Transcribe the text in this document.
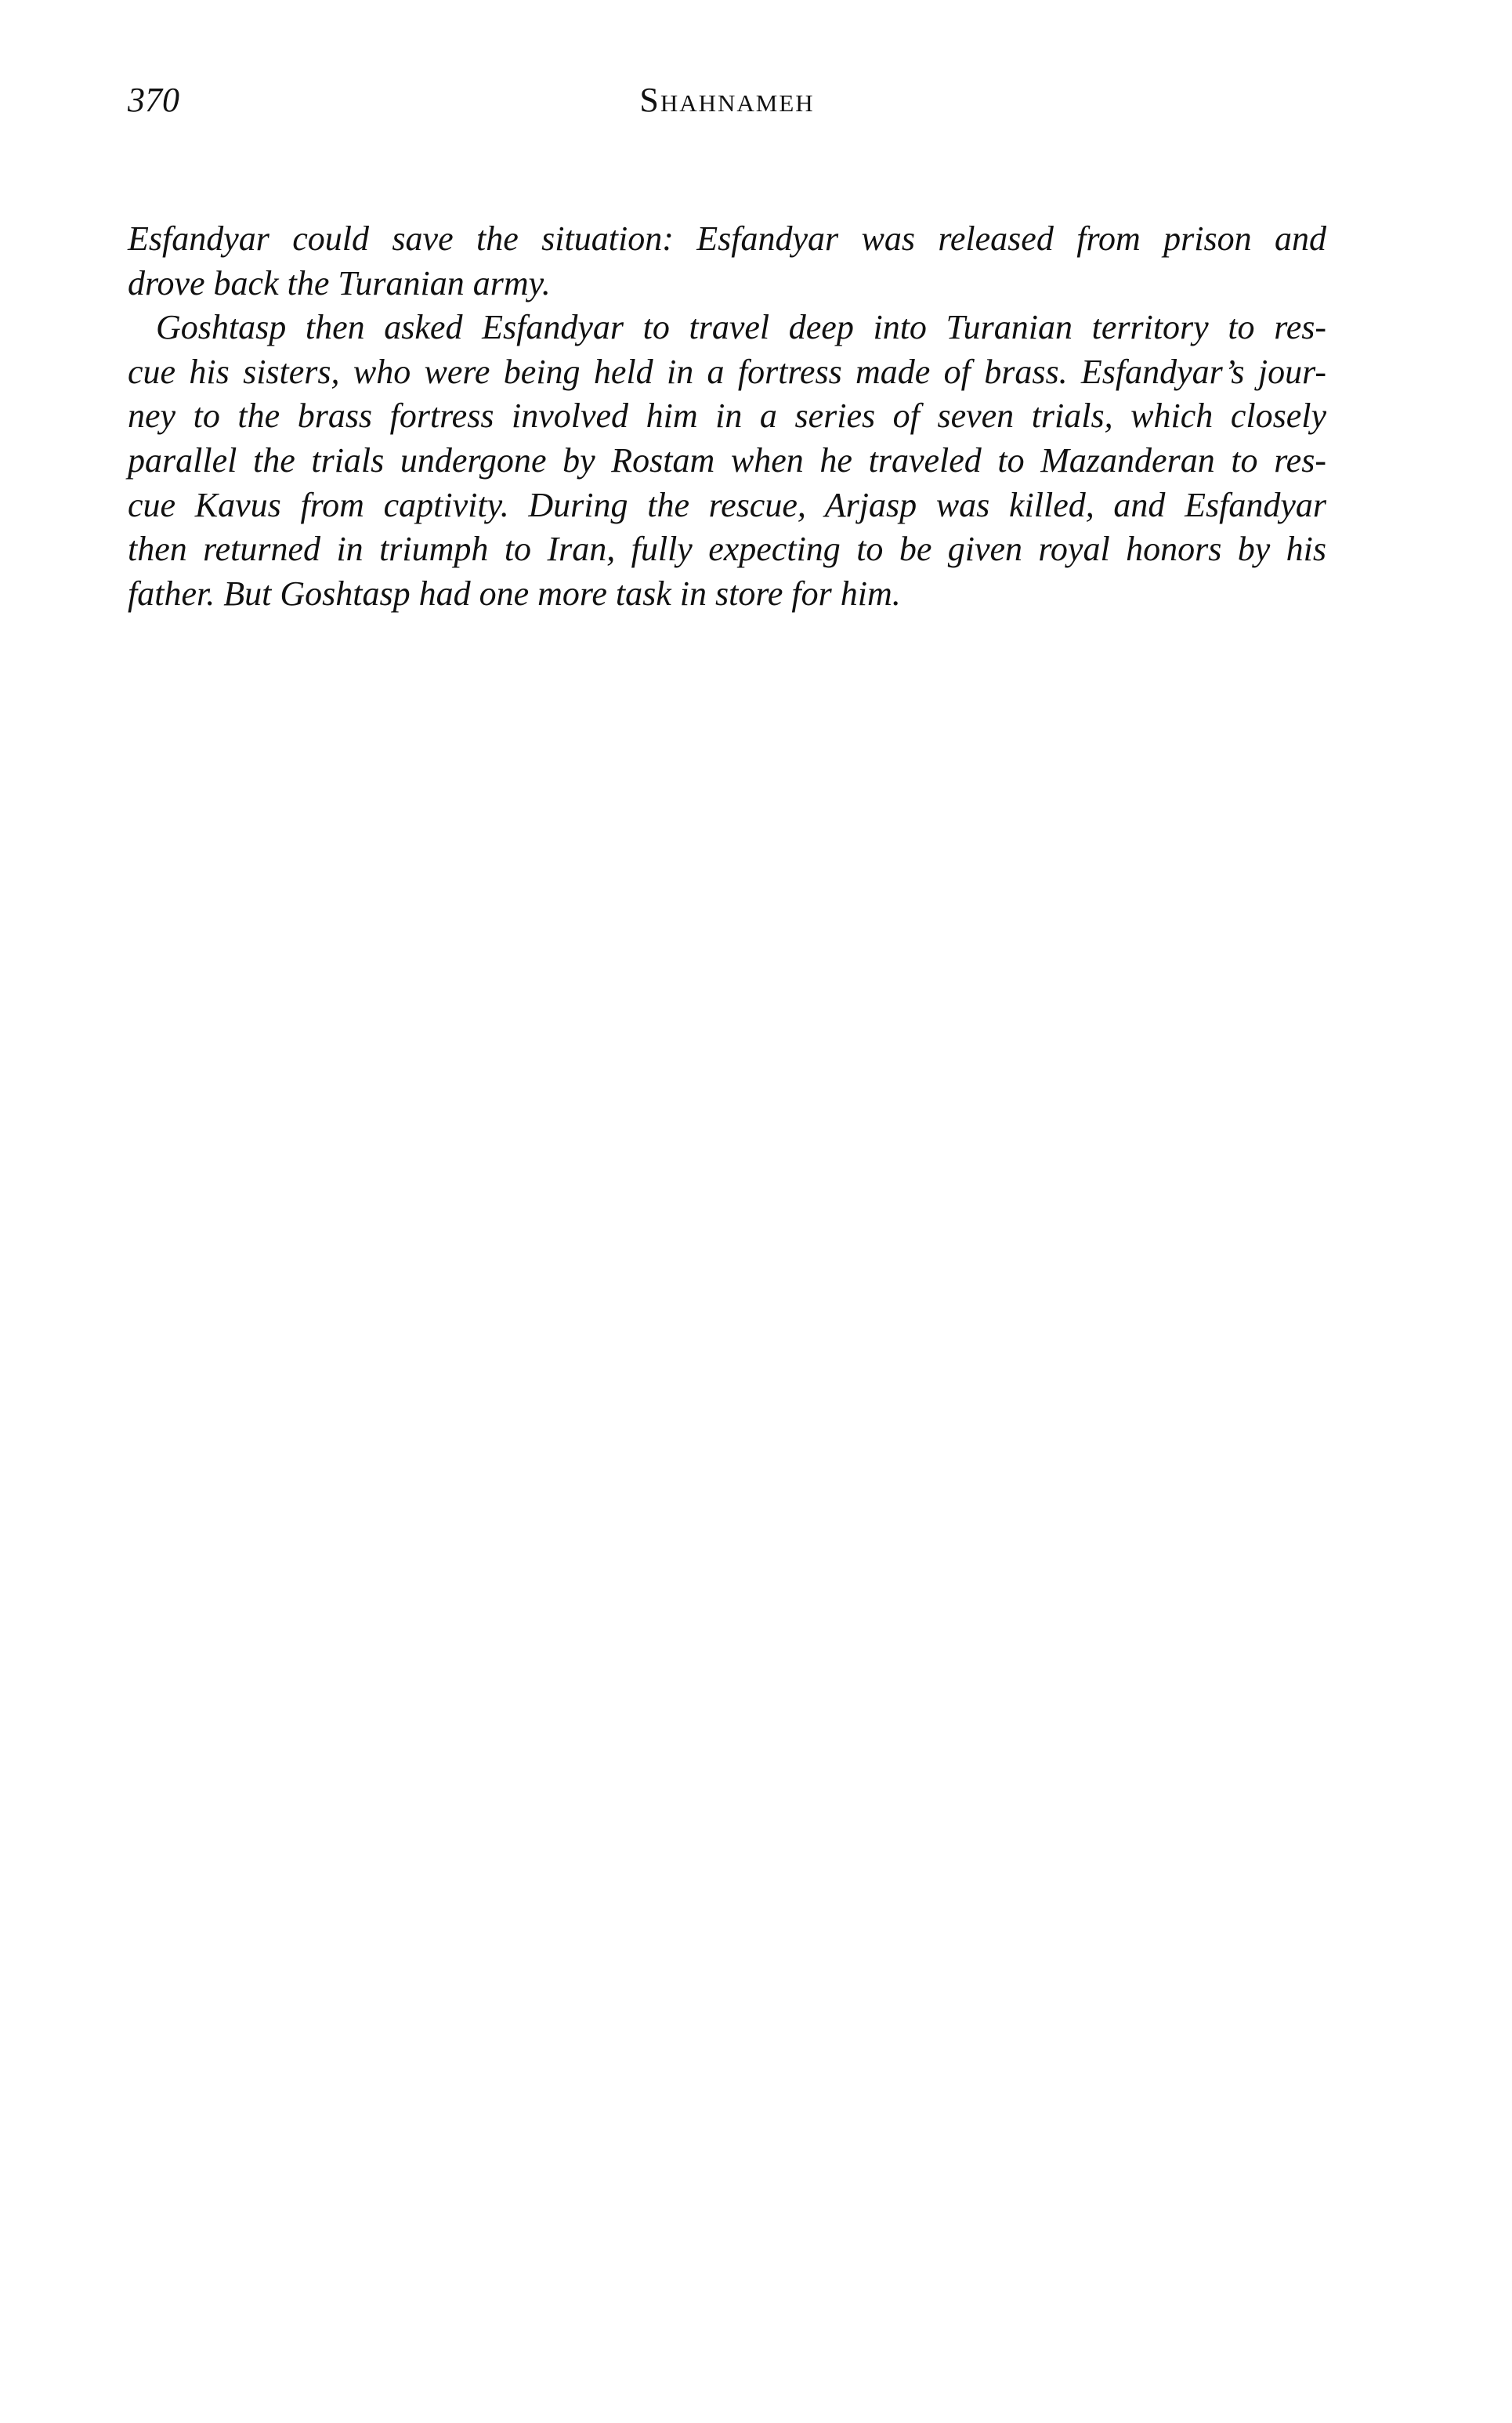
370	Shahnameh

Esfandyar could save the situation: Esfandyar was released from prison and
drove back the Turanian army.

Goshtasp then asked Esfandyar to travel deep into Turanian territory to res-
cue his sisters, who were being held in a fortress made of brass. Esfandyar’s jour-
ney to the brass fortress involved him in a series of seven trials, which closely
parallel the trials undergone by Rostam when he traveled to Mazanderan to res-
cue Kavus from captivity. During the rescue, Arjasp was killed, and Esfandyar
then returned in triumph to Iran, fully expecting to be given royal honors by his
father. But Goshtasp had one more task in store for him.
